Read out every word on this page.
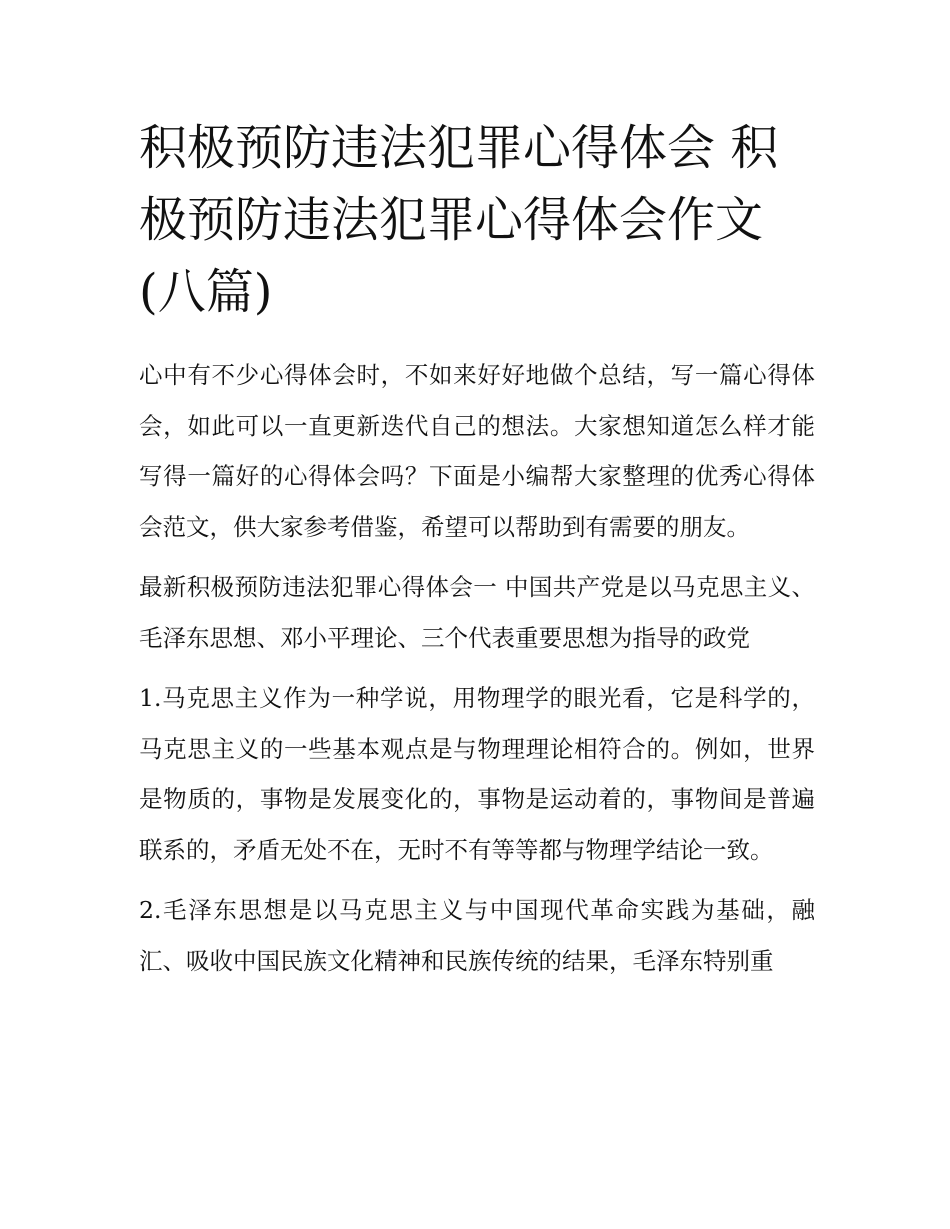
积极预防违法犯罪心得体会 积极预防违法犯罪心得体会作文(八篇)

心中有不少心得体会时，不如来好好地做个总结，写一篇心得体会，如此可以一直更新迭代自己的想法。大家想知道怎么样才能写得一篇好的心得体会吗？下面是小编帮大家整理的优秀心得体会范文，供大家参考借鉴，希望可以帮助到有需要的朋友。

最新积极预防违法犯罪心得体会一 中国共产党是以马克思主义、毛泽东思想、邓小平理论、三个代表重要思想为指导的政党

1.马克思主义作为一种学说，用物理学的眼光看，它是科学的，马克思主义的一些基本观点是与物理理论相符合的。例如，世界是物质的，事物是发展变化的，事物是运动着的，事物间是普遍联系的，矛盾无处不在，无时不有等等都与物理学结论一致。

2.毛泽东思想是以马克思主义与中国现代革命实践为基础，融汇、吸收中国民族文化精神和民族传统的结果，毛泽东特别重
